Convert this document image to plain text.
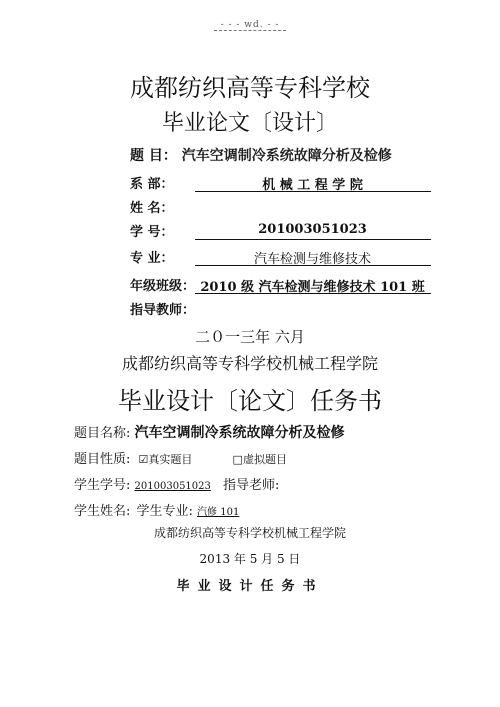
- - - wd. - -
成都纺织高等专科学校
毕业论文〔设计〕
题 目： 汽车空调制冷系统故障分析及检修
系 部：	机 械 工 程 学 院
姓 名：
学 号：	201003051023
专 业：	汽车检测与维修技术
年级班级： 2010 级 汽车检测与维修技术 101 班
指导教师：
二０一三年 六月
成都纺织高等专科学校机械工程学院
毕业设计〔论文〕任务书
题目名称: 汽车空调制冷系统故障分析及检修
题目性质: ☑真实题目	□虚拟题目
学生学号: 201003051023 指导老师:
学生姓名: 学生专业: 汽修 101
成都纺织高等专科学校机械工程学院
2013 年 5 月 5 日
毕业设计任务书
